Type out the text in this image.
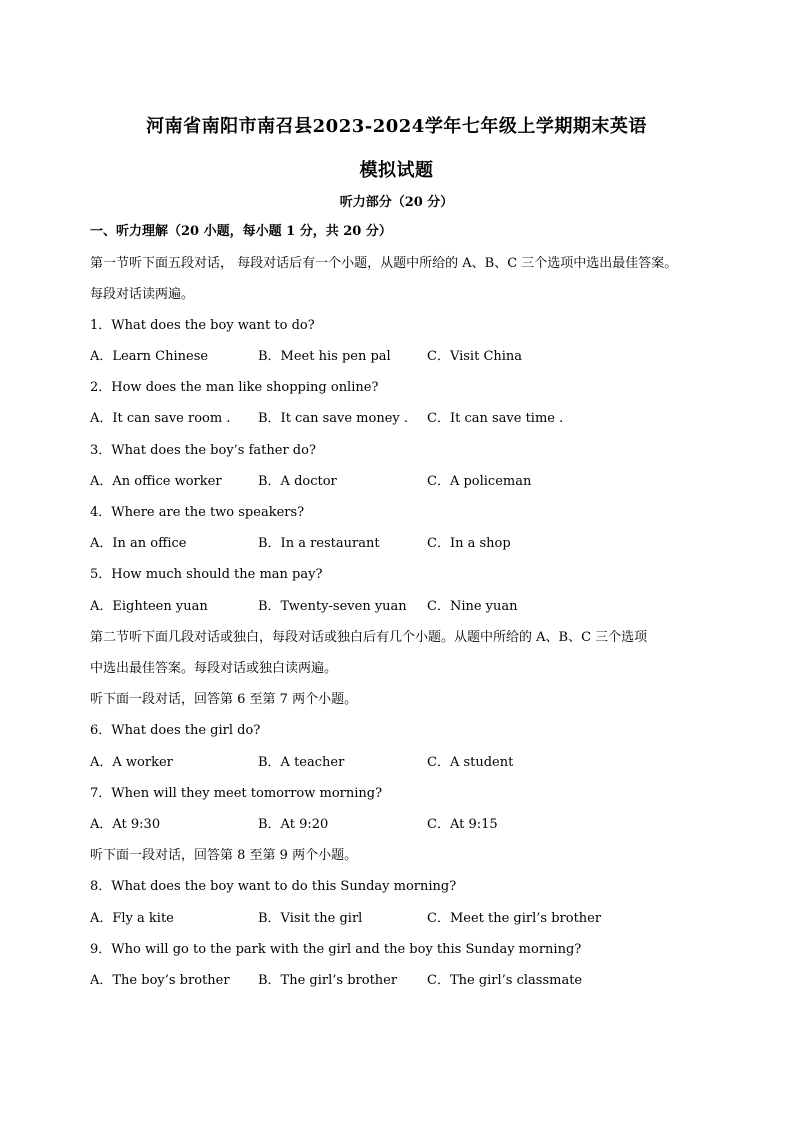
河南省南阳市南召县2023-2024学年七年级上学期期末英语
模拟试题
听力部分（20 分）
一、听力理解（20 小题，每小题 1 分，共 20 分）
第一节听下面五段对话， 每段对话后有一个小题，从题中所给的 A、B、C 三个选项中选出最佳答案。
每段对话读两遍。
1．What does the boy want to do?
A．Learn Chinese	B．Meet his pen pal	C．Visit China
2．How does the man like shopping online?
A．It can save room . B．It can save money . C．It can save time .
3．What does the boy’s father do?
A．An office worker	B．A doctor	C．A policeman
4．Where are the two speakers?
A．In an office	B．In a restaurant	C．In a shop
5．How much should the man pay?
A．Eighteen yuan	B．Twenty-seven yuan C．Nine yuan
第二节听下面几段对话或独白，每段对话或独白后有几个小题。从题中所给的 A、B、C 三个选项
中选出最佳答案。每段对话或独白读两遍。
听下面一段对话，回答第 6 至第 7 两个小题。
6．What does the girl do?
A．A worker	B．A teacher	C．A student
7．When will they meet tomorrow morning?
A．At 9:30	B．At 9:20	C．At 9:15
听下面一段对话，回答第 8 至第 9 两个小题。
8．What does the boy want to do this Sunday morning?
A．Fly a kite	B．Visit the girl	C．Meet the girl’s brother
9．Who will go to the park with the girl and the boy this Sunday morning?
A．The boy’s brother B．The girl’s brother C．The girl’s classmate
